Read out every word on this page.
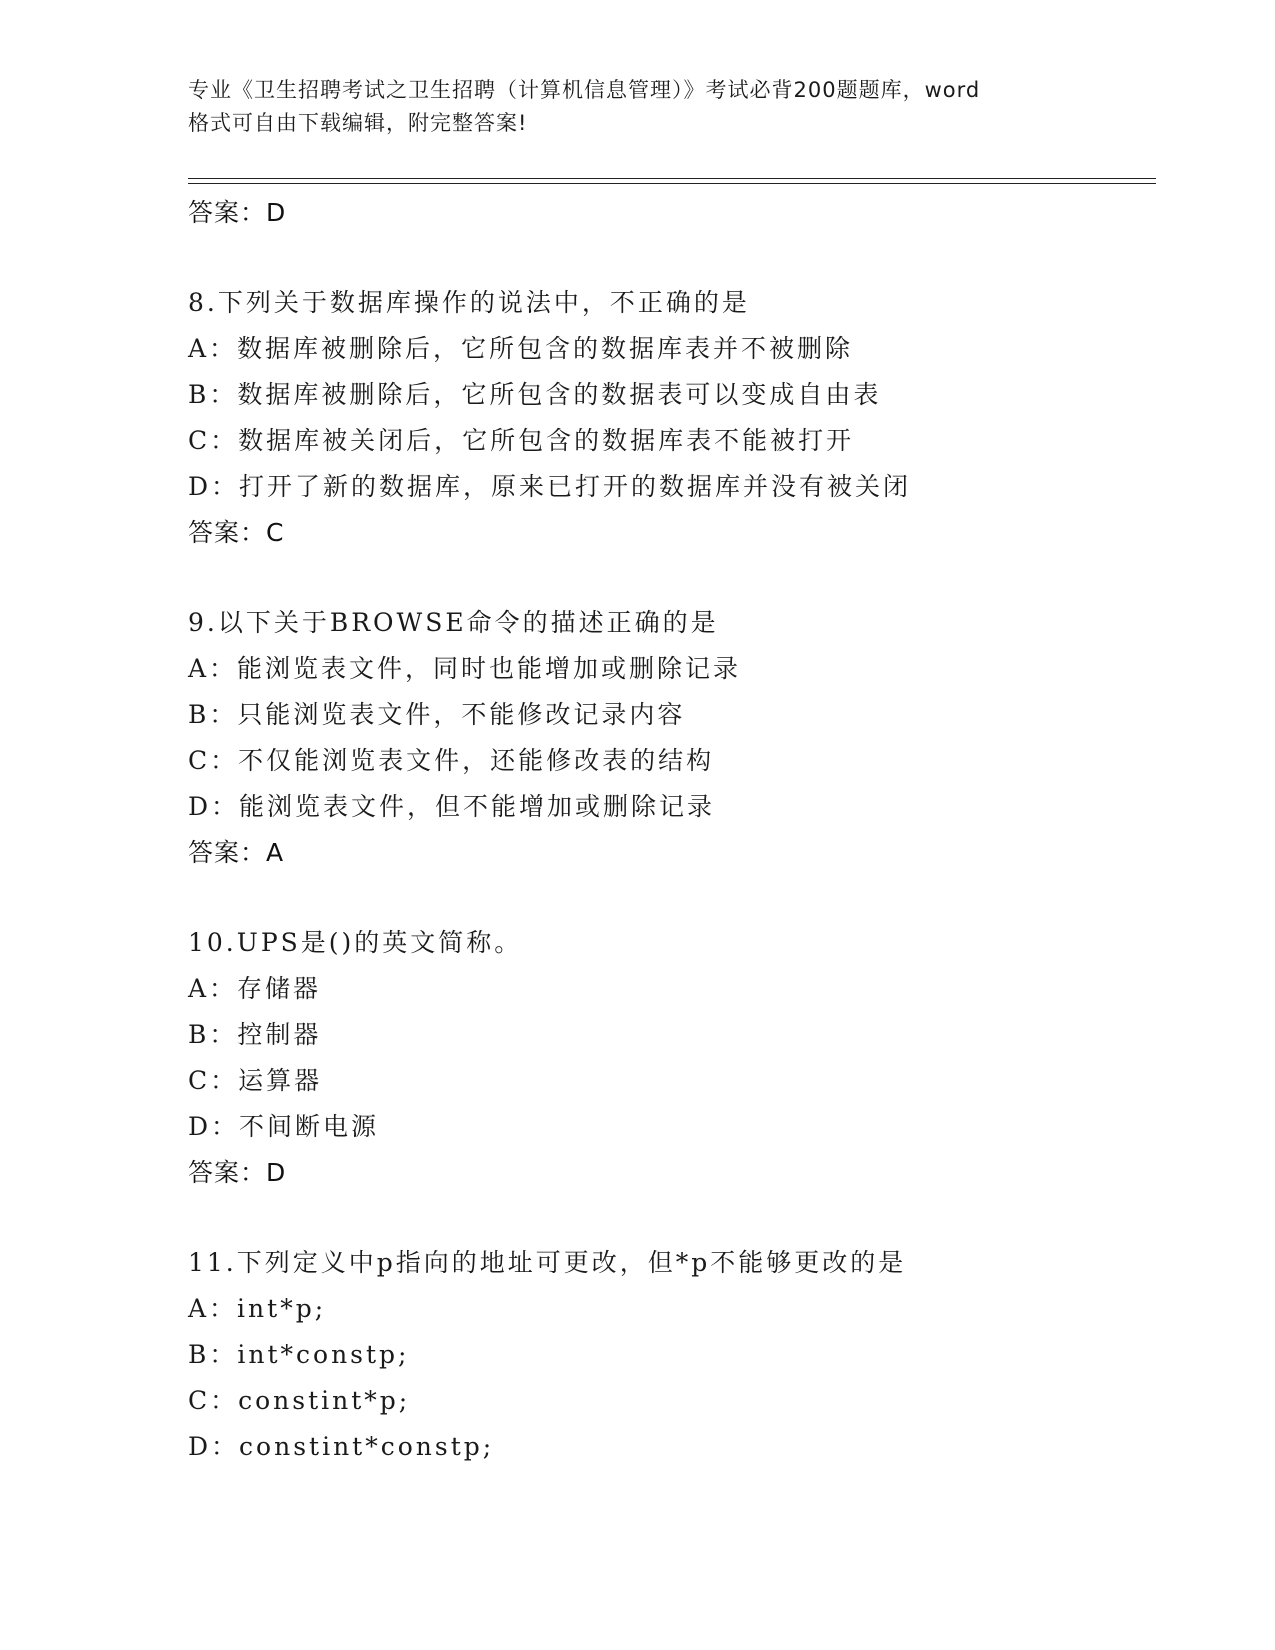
专业《卫生招聘考试之卫生招聘（计算机信息管理）》考试必背200题题库，word
格式可自由下载编辑，附完整答案!
答案：D
8.下列关于数据库操作的说法中，不正确的是
A：数据库被删除后，它所包含的数据库表并不被删除
B：数据库被删除后，它所包含的数据表可以变成自由表
C：数据库被关闭后，它所包含的数据库表不能被打开
D：打开了新的数据库，原来已打开的数据库并没有被关闭
答案：C
9.以下关于BROWSE命令的描述正确的是
A：能浏览表文件，同时也能增加或删除记录
B：只能浏览表文件，不能修改记录内容
C：不仅能浏览表文件，还能修改表的结构
D：能浏览表文件，但不能增加或删除记录
答案：A
10.UPS是()的英文简称。
A：存储器
B：控制器
C：运算器
D：不间断电源
答案：D
11.下列定义中p指向的地址可更改，但*p不能够更改的是
A：int*p;
B：int*constp;
C：constint*p;
D：constint*constp;
